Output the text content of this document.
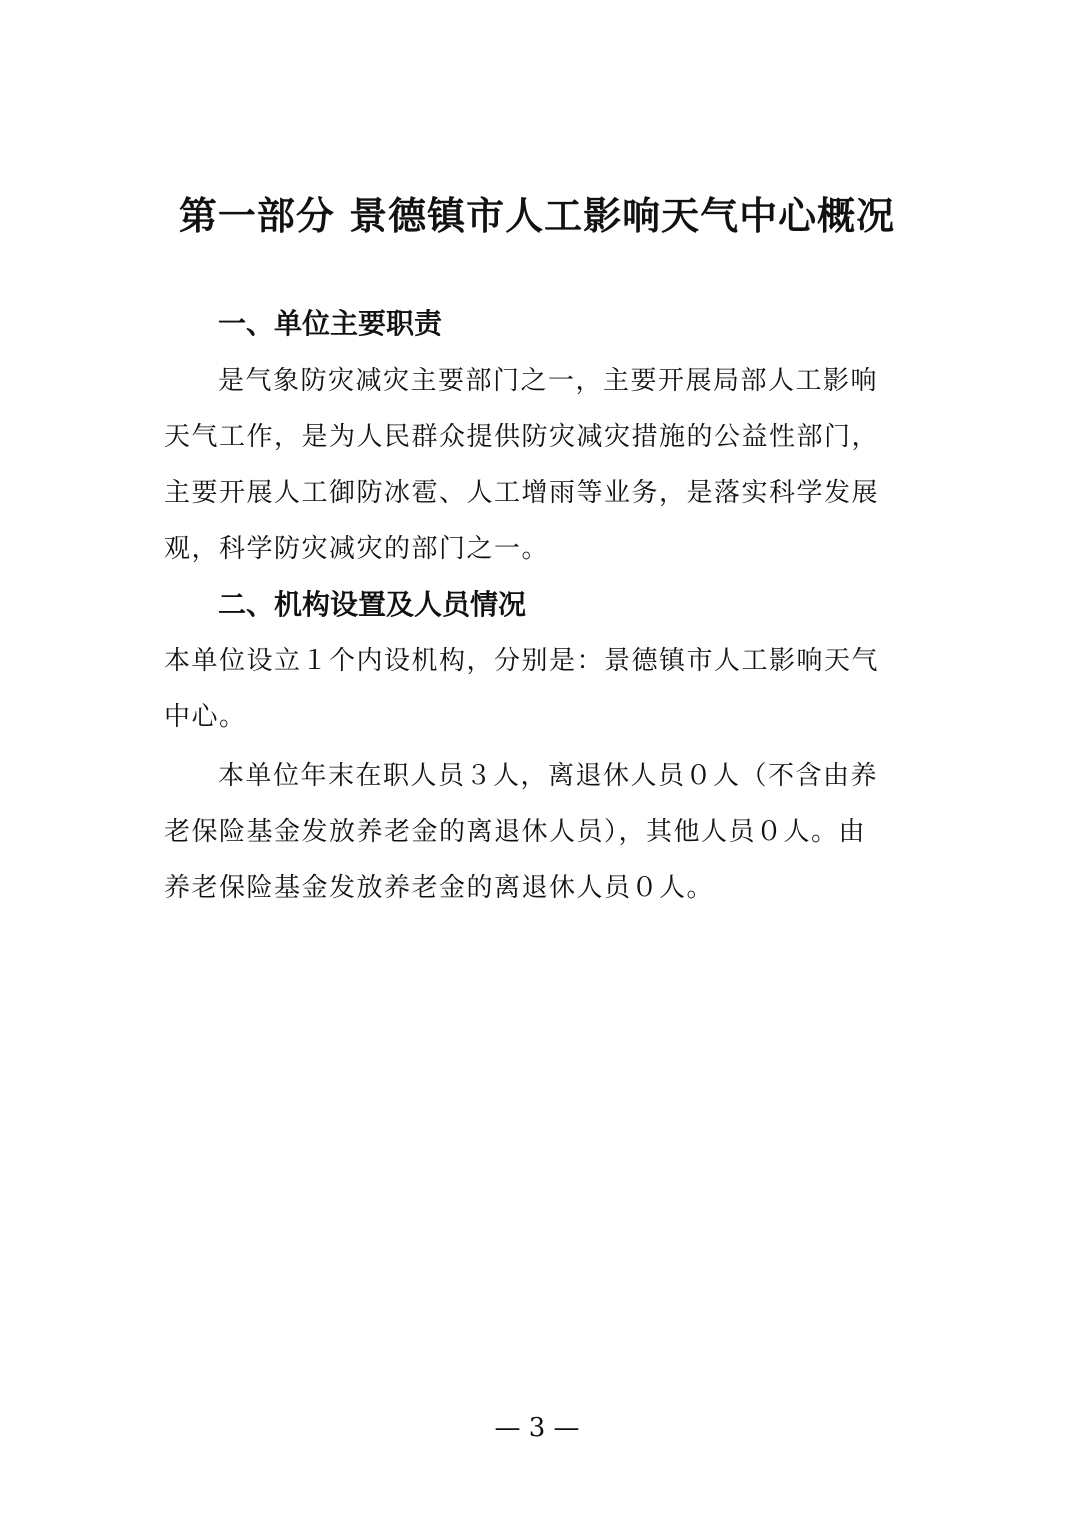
第一部分 景德镇市人工影响天气中心概况
一、单位主要职责
是气象防灾减灾主要部门之一，主要开展局部人工影响
天气工作，是为人民群众提供防灾减灾措施的公益性部门，
主要开展人工御防冰雹、人工增雨等业务，是落实科学发展
观，科学防灾减灾的部门之一。
二、机构设置及人员情况
本单位设立１个内设机构，分别是：景德镇市人工影响天气
中心。
本单位年末在职人员３人，离退休人员０人（不含由养
老保险基金发放养老金的离退休人员），其他人员０人。由
养老保险基金发放养老金的离退休人员０人。
— 3 —
